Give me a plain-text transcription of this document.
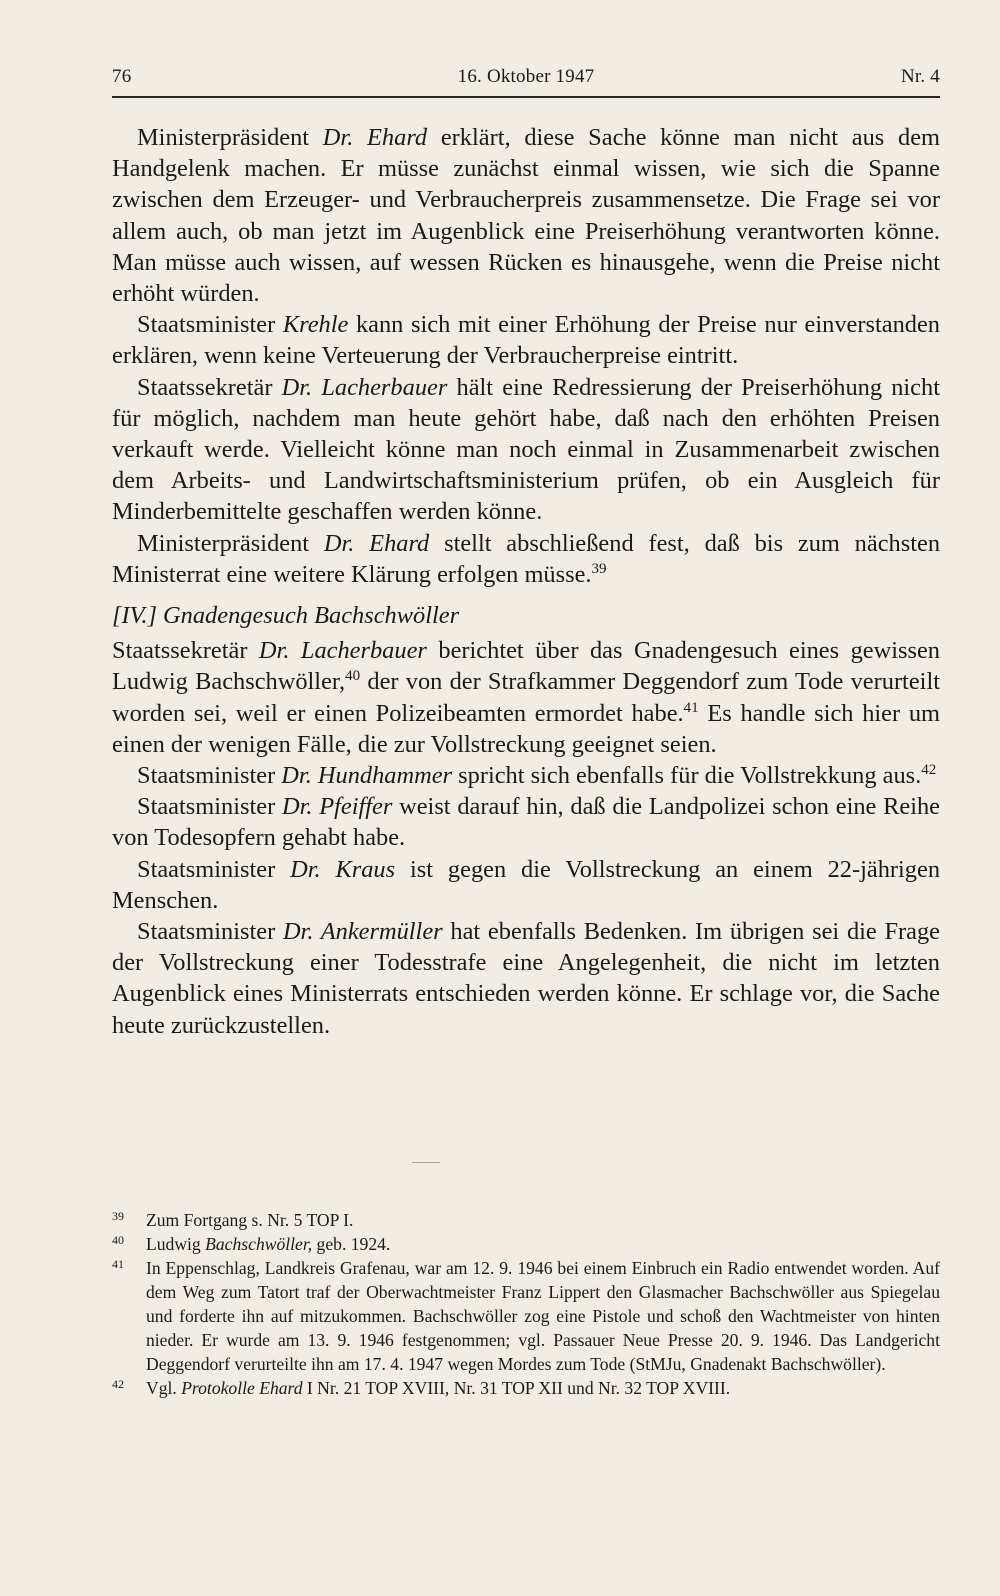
76	16. Oktober 1947	Nr. 4

Ministerpräsident Dr. Ehard erklärt, diese Sache könne man nicht aus dem Handgelenk machen. Er müsse zunächst einmal wissen, wie sich die Spanne zwischen dem Erzeuger- und Verbraucherpreis zusammensetze. Die Frage sei vor allem auch, ob man jetzt im Augenblick eine Preiserhöhung verantworten könne. Man müsse auch wissen, auf wessen Rücken es hinausgehe, wenn die Preise nicht erhöht würden.

Staatsminister Krehle kann sich mit einer Erhöhung der Preise nur einverstanden erklären, wenn keine Verteuerung der Verbraucherpreise eintritt.

Staatssekretär Dr. Lacherbauer hält eine Redressierung der Preiserhöhung nicht für möglich, nachdem man heute gehört habe, daß nach den erhöhten Preisen verkauft werde. Vielleicht könne man noch einmal in Zusammenarbeit zwischen dem Arbeits- und Landwirtschaftsministerium prüfen, ob ein Ausgleich für Minderbemittelte geschaffen werden könne.

Ministerpräsident Dr. Ehard stellt abschließend fest, daß bis zum nächsten Ministerrat eine weitere Klärung erfolgen müsse.$^{39}$

[IV.] Gnadengesuch Bachschwöller

Staatssekretär Dr. Lacherbauer berichtet über das Gnadengesuch eines gewissen Ludwig Bachschwöller,$^{40}$ der von der Strafkammer Deggendorf zum Tode verurteilt worden sei, weil er einen Polizeibeamten ermordet habe.$^{41}$ Es handle sich hier um einen der wenigen Fälle, die zur Vollstreckung geeignet seien.

Staatsminister Dr. Hundhammer spricht sich ebenfalls für die Vollstrekkung aus.$^{42}$

Staatsminister Dr. Pfeiffer weist darauf hin, daß die Landpolizei schon eine Reihe von Todesopfern gehabt habe.

Staatsminister Dr. Kraus ist gegen die Vollstreckung an einem 22-jährigen Menschen.

Staatsminister Dr. Ankermüller hat ebenfalls Bedenken. Im übrigen sei die Frage der Vollstreckung einer Todesstrafe eine Angelegenheit, die nicht im letzten Augenblick eines Ministerrats entschieden werden könne. Er schlage vor, die Sache heute zurückzustellen.

39 Zum Fortgang s. Nr. 5 TOP I.

40 Ludwig Bachschwöller, geb. 1924.

41 In Eppenschlag, Landkreis Grafenau, war am 12. 9. 1946 bei einem Einbruch ein Radio entwendet worden. Auf dem Weg zum Tatort traf der Oberwachtmeister Franz Lippert den Glasmacher Bachschwöller aus Spiegelau und forderte ihn auf mitzukommen. Bachschwöller zog eine Pistole und schoß den Wachtmeister von hinten nieder. Er wurde am 13. 9. 1946 festgenommen; vgl. Passauer Neue Presse 20. 9. 1946. Das Landgericht Deggendorf verurteilte ihn am 17. 4. 1947 wegen Mordes zum Tode (StMJu, Gnadenakt Bachschwöller).

42 Vgl. Protokolle Ehard I Nr. 21 TOP XVIII, Nr. 31 TOP XII und Nr. 32 TOP XVIII.
